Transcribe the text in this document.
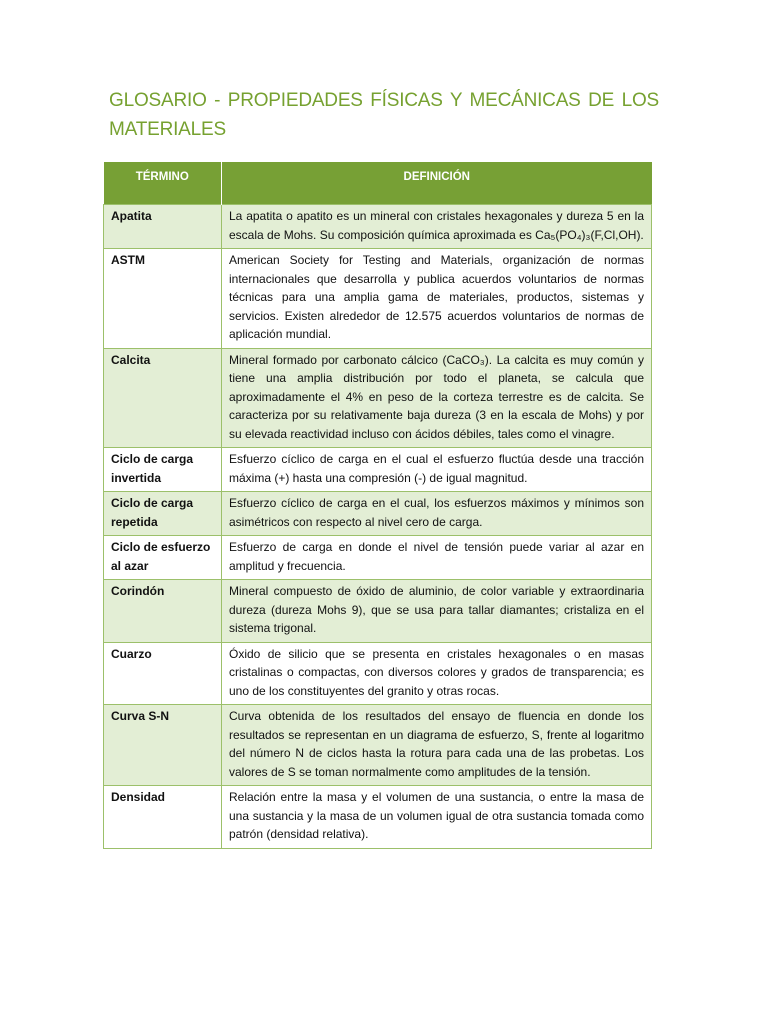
GLOSARIO - PROPIEDADES FÍSICAS Y MECÁNICAS DE LOS MATERIALES
TÉRMINO	DEFINICIÓN
Apatita	La apatita o apatito es un mineral con cristales hexagonales y dureza 5 en la escala de Mohs. Su composición química aproximada es Ca₅(PO₄)₃(F,Cl,OH).
ASTM	American Society for Testing and Materials, organización de normas internacionales que desarrolla y publica acuerdos voluntarios de normas técnicas para una amplia gama de materiales, productos, sistemas y servicios. Existen alrededor de 12.575 acuerdos voluntarios de normas de aplicación mundial.
Calcita	Mineral formado por carbonato cálcico (CaCO₃). La calcita es muy común y tiene una amplia distribución por todo el planeta, se calcula que aproximadamente el 4% en peso de la corteza terrestre es de calcita. Se caracteriza por su relativamente baja dureza (3 en la escala de Mohs) y por su elevada reactividad incluso con ácidos débiles, tales como el vinagre.
Ciclo de carga invertida	Esfuerzo cíclico de carga en el cual el esfuerzo fluctúa desde una tracción máxima (+) hasta una compresión (-) de igual magnitud.
Ciclo de carga repetida	Esfuerzo cíclico de carga en el cual, los esfuerzos máximos y mínimos son asimétricos con respecto al nivel cero de carga.
Ciclo de esfuerzo al azar	Esfuerzo de carga en donde el nivel de tensión puede variar al azar en amplitud y frecuencia.
Corindón	Mineral compuesto de óxido de aluminio, de color variable y extraordinaria dureza (dureza Mohs 9), que se usa para tallar diamantes; cristaliza en el sistema trigonal.
Cuarzo	Óxido de silicio que se presenta en cristales hexagonales o en masas cristalinas o compactas, con diversos colores y grados de transparencia; es uno de los constituyentes del granito y otras rocas.
Curva S-N	Curva obtenida de los resultados del ensayo de fluencia en donde los resultados se representan en un diagrama de esfuerzo, S, frente al logaritmo del número N de ciclos hasta la rotura para cada una de las probetas. Los valores de S se toman normalmente como amplitudes de la tensión.
Densidad	Relación entre la masa y el volumen de una sustancia, o entre la masa de una sustancia y la masa de un volumen igual de otra sustancia tomada como patrón (densidad relativa).
